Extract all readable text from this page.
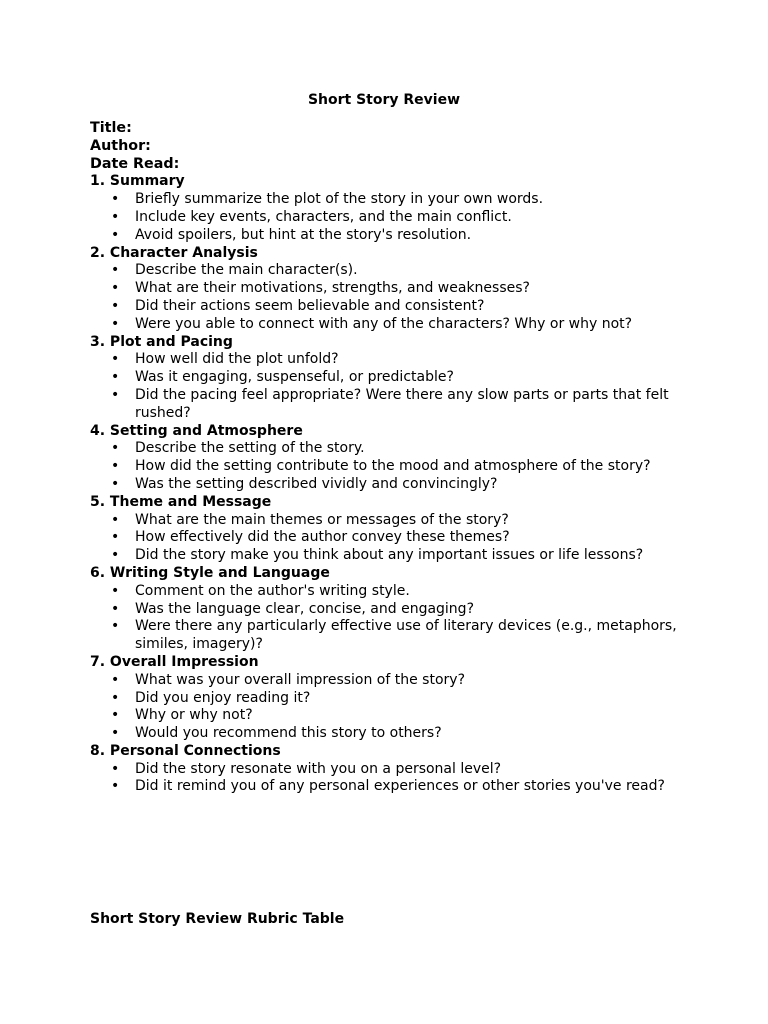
Short Story Review

Title:

Author:

Date Read:

1. Summary

• Briefly summarize the plot of the story in your own words.
• Include key events, characters, and the main conflict.
• Avoid spoilers, but hint at the story's resolution.

2. Character Analysis

• Describe the main character(s).
• What are their motivations, strengths, and weaknesses?
• Did their actions seem believable and consistent?
• Were you able to connect with any of the characters? Why or why not?

3. Plot and Pacing

• How well did the plot unfold?
• Was it engaging, suspenseful, or predictable?
• Did the pacing feel appropriate? Were there any slow parts or parts that felt rushed?

4. Setting and Atmosphere

• Describe the setting of the story.
• How did the setting contribute to the mood and atmosphere of the story?
• Was the setting described vividly and convincingly?

5. Theme and Message

• What are the main themes or messages of the story?
• How effectively did the author convey these themes?
• Did the story make you think about any important issues or life lessons?

6. Writing Style and Language

• Comment on the author's writing style.
• Was the language clear, concise, and engaging?
• Were there any particularly effective use of literary devices (e.g., metaphors, similes, imagery)?

7. Overall Impression

• What was your overall impression of the story?
• Did you enjoy reading it?
• Why or why not?
• Would you recommend this story to others?

8. Personal Connections

• Did the story resonate with you on a personal level?
• Did it remind you of any personal experiences or other stories you've read?
Short Story Review Rubric Table
